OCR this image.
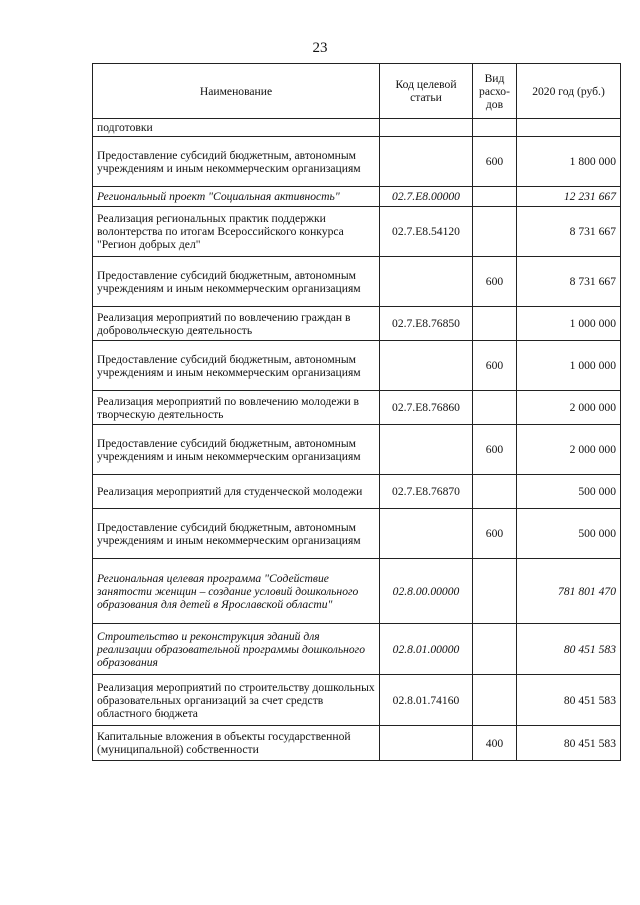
23
Наименование	Код целевой статьи	Вид расхо-дов	2020 год (руб.)
подготовки			
Предоставление субсидий бюджетным, автономным учреждениям и иным некоммерческим организациям		600	1 800 000
Региональный проект "Социальная активность"	02.7.E8.00000		12 231 667
Реализация региональных практик поддержки волонтерства по итогам Всероссийского конкурса "Регион добрых дел"	02.7.E8.54120		8 731 667
Предоставление субсидий бюджетным, автономным учреждениям и иным некоммерческим организациям		600	8 731 667
Реализация мероприятий по вовлечению граждан в добровольческую деятельность	02.7.E8.76850		1 000 000
Предоставление субсидий бюджетным, автономным учреждениям и иным некоммерческим организациям		600	1 000 000
Реализация мероприятий по вовлечению молодежи в творческую деятельность	02.7.E8.76860		2 000 000
Предоставление субсидий бюджетным, автономным учреждениям и иным некоммерческим организациям		600	2 000 000
Реализация мероприятий для студенческой молодежи	02.7.E8.76870		500 000
Предоставление субсидий бюджетным, автономным учреждениям и иным некоммерческим организациям		600	500 000
Региональная целевая программа "Содействие занятости женщин – создание условий дошкольного образования для детей в Ярославской области"	02.8.00.00000		781 801 470
Строительство и реконструкция зданий для реализации образовательной программы дошкольного образования	02.8.01.00000		80 451 583
Реализация мероприятий по строительству дошкольных образовательных организаций за счет средств областного бюджета	02.8.01.74160		80 451 583
Капитальные вложения в объекты государственной (муниципальной) собственности		400	80 451 583
